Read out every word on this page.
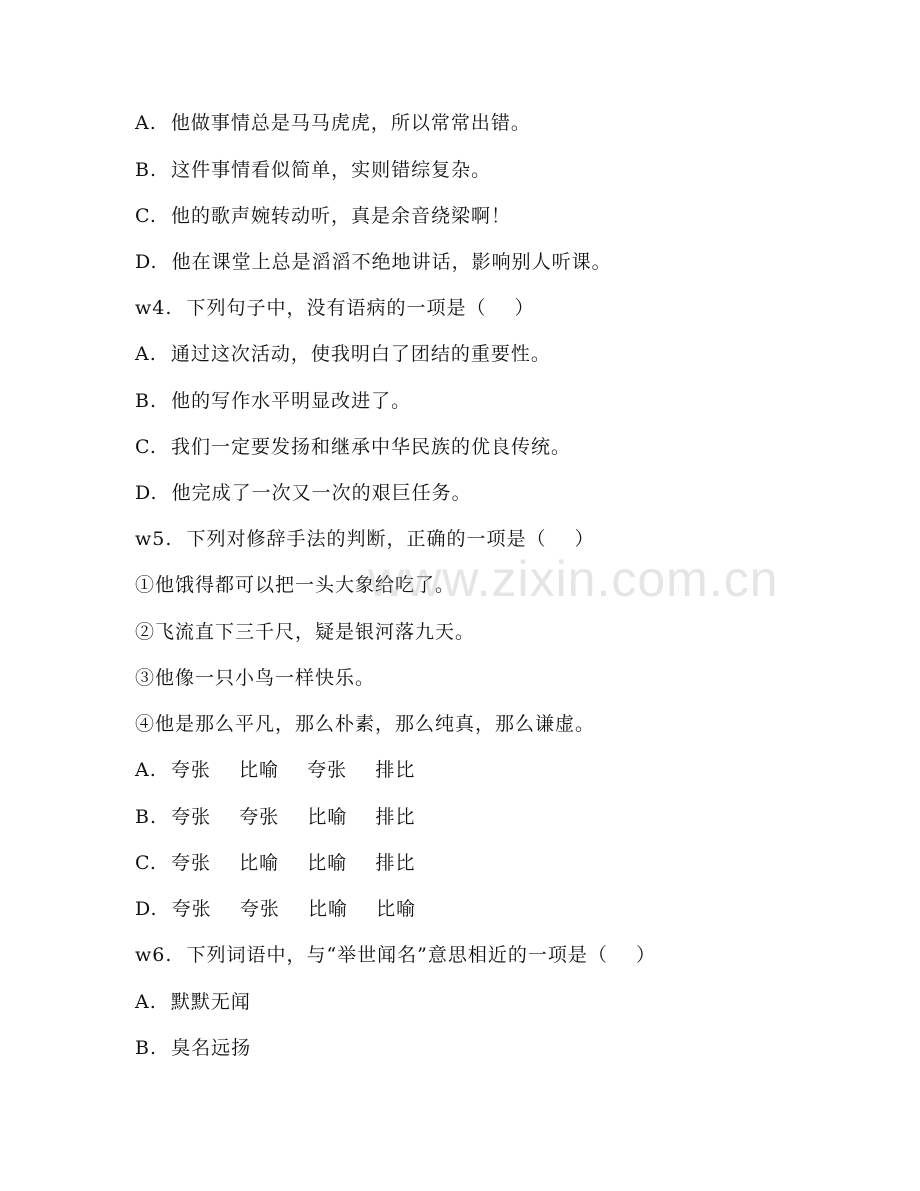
A.  他做事情总是马马虎虎，所以常常出错。
B.  这件事情看似简单，实则错综复杂。
C.  他的歌声婉转动听，真是余音绕梁啊！
D.  他在课堂上总是滔滔不绝地讲话，影响别人听课。
w4.  下列句子中，没有语病的一项是（    ）
A.  通过这次活动，使我明白了团结的重要性。
B.  他的写作水平明显改进了。
C.  我们一定要发扬和继承中华民族的优良传统。
D.  他完成了一次又一次的艰巨任务。
w5.  下列对修辞手法的判断，正确的一项是（    ）
①他饿得都可以把一头大象给吃了。
②飞流直下三千尺，疑是银河落九天。
③他像一只小鸟一样快乐。
④他是那么平凡，那么朴素，那么纯真，那么谦虚。
A.  夸张    比喻    夸张    排比
B.  夸张    夸张    比喻    排比
C.  夸张    比喻    比喻    排比
D.  夸张    夸张    比喻    比喻
w6.  下列词语中，与“举世闻名”意思相近的一项是（    ）
A.  默默无闻
B.  臭名远扬
www.zixin.com.cn
